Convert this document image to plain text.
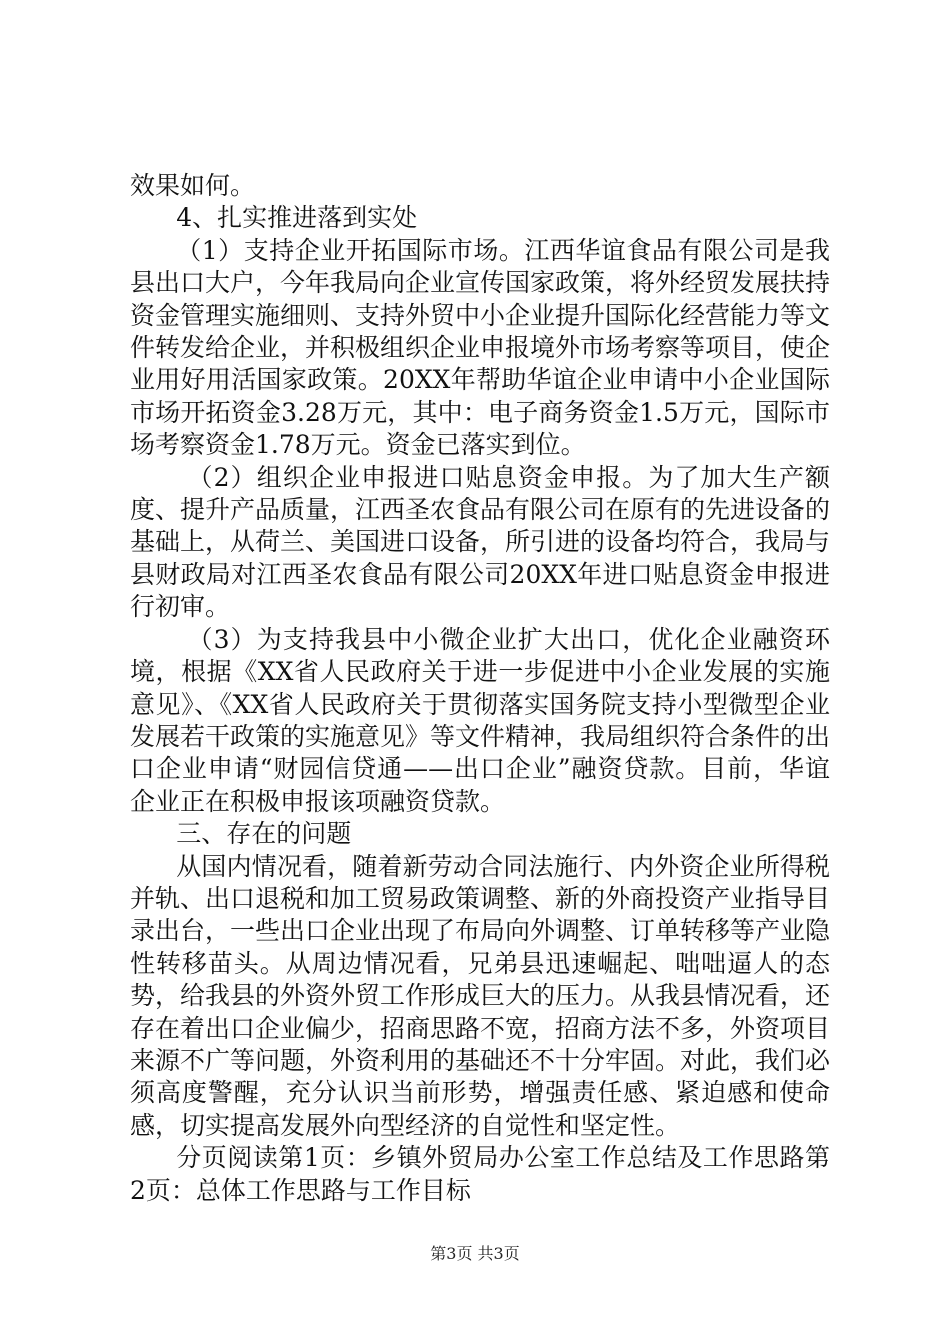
效果如何。

4、扎实推进落到实处

（1）支持企业开拓国际市场。江西华谊食品有限公司是我县出口大户，今年我局向企业宣传国家政策，将外经贸发展扶持资金管理实施细则、支持外贸中小企业提升国际化经营能力等文件转发给企业，并积极组织企业申报境外市场考察等项目，使企业用好用活国家政策。20XX年帮助华谊企业申请中小企业国际市场开拓资金3.28万元，其中：电子商务资金1.5万元，国际市场考察资金1.78万元。资金已落实到位。

（2）组织企业申报进口贴息资金申报。为了加大生产额度、提升产品质量，江西圣农食品有限公司在原有的先进设备的基础上，从荷兰、美国进口设备，所引进的设备均符合，我局与县财政局对江西圣农食品有限公司20XX年进口贴息资金申报进行初审。

（3）为支持我县中小微企业扩大出口，优化企业融资环境，根据《XX省人民政府关于进一步促进中小企业发展的实施意见》、《XX省人民政府关于贯彻落实国务院支持小型微型企业发展若干政策的实施意见》等文件精神，我局组织符合条件的出口企业申请“财园信贷通——出口企业”融资贷款。目前，华谊企业正在积极申报该项融资贷款。

三、存在的问题

从国内情况看，随着新劳动合同法施行、内外资企业所得税并轨、出口退税和加工贸易政策调整、新的外商投资产业指导目录出台，一些出口企业出现了布局向外调整、订单转移等产业隐性转移苗头。从周边情况看，兄弟县迅速崛起、咄咄逼人的态势，给我县的外资外贸工作形成巨大的压力。从我县情况看，还存在着出口企业偏少，招商思路不宽，招商方法不多，外资项目来源不广等问题，外资利用的基础还不十分牢固。对此，我们必须高度警醒，充分认识当前形势，增强责任感、紧迫感和使命感，切实提高发展外向型经济的自觉性和坚定性。

分页阅读第1页：乡镇外贸局办公室工作总结及工作思路第2页：总体工作思路与工作目标

第3页 共3页
